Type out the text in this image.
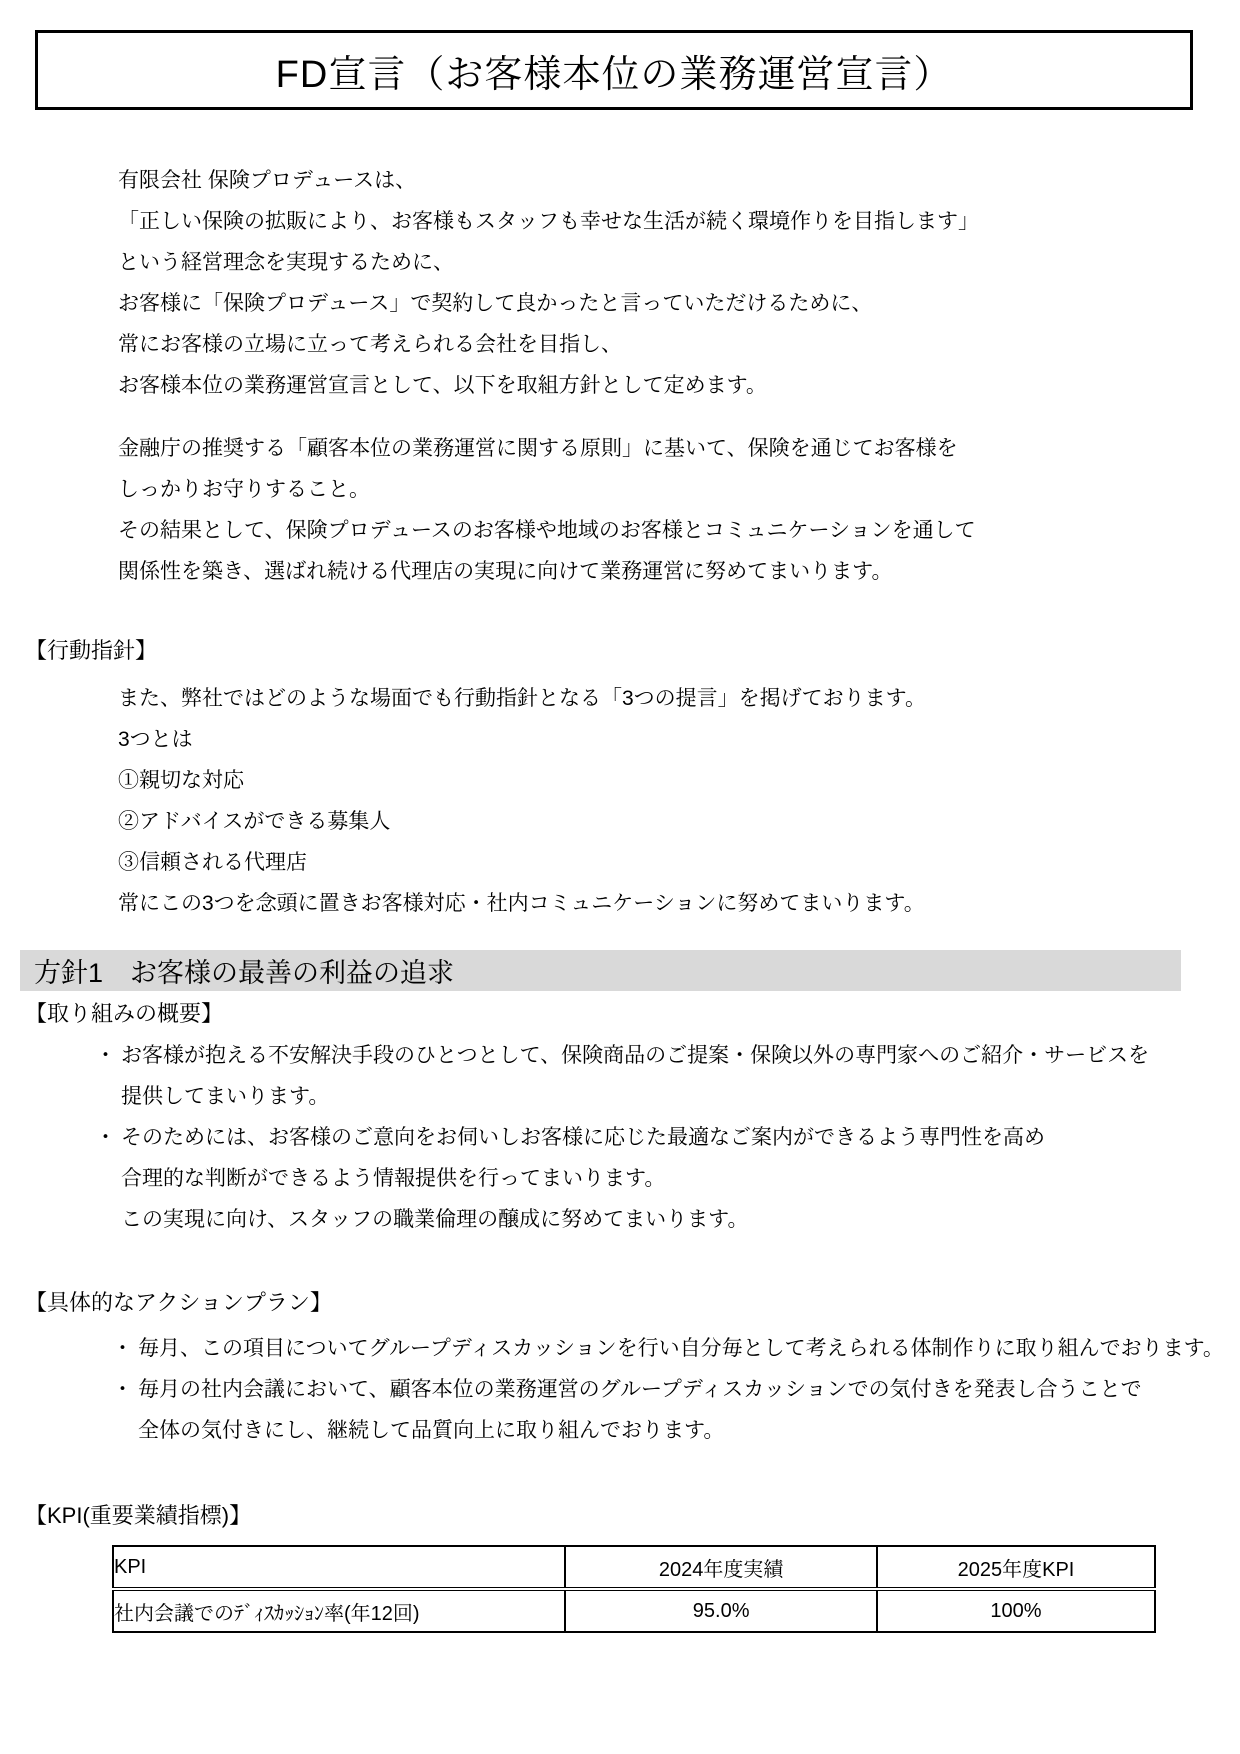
FD宣言（お客様本位の業務運営宣言）
有限会社 保険プロデュースは、
「正しい保険の拡販により、お客様もスタッフも幸せな生活が続く環境作りを目指します」
という経営理念を実現するために、
お客様に「保険プロデュース」で契約して良かったと言っていただけるために、
常にお客様の立場に立って考えられる会社を目指し、
お客様本位の業務運営宣言として、以下を取組方針として定めます。
金融庁の推奨する「顧客本位の業務運営に関する原則」に基いて、保険を通じてお客様を
しっかりお守りすること。
その結果として、保険プロデュースのお客様や地域のお客様とコミュニケーションを通して
関係性を築き、選ばれ続ける代理店の実現に向けて業務運営に努めてまいります。
【行動指針】
また、弊社ではどのような場面でも行動指針となる「3つの提言」を掲げております。
3つとは
①親切な対応
②アドバイスができる募集人
③信頼される代理店
常にこの3つを念頭に置きお客様対応・社内コミュニケーションに努めてまいります。
方針1　お客様の最善の利益の追求
【取り組みの概要】
・ お客様が抱える不安解決手段のひとつとして、保険商品のご提案・保険以外の専門家へのご紹介・サービスを
提供してまいります。
・ そのためには、お客様のご意向をお伺いしお客様に応じた最適なご案内ができるよう専門性を高め
合理的な判断ができるよう情報提供を行ってまいります。
この実現に向け、スタッフの職業倫理の醸成に努めてまいります。
【具体的なアクションプラン】
・ 毎月、この項目についてグループディスカッションを行い自分毎として考えられる体制作りに取り組んでおります。
・ 毎月の社内会議において、顧客本位の業務運営のグループディスカッションでの気付きを発表し合うことで
全体の気付きにし、継続して品質向上に取り組んでおります。
【KPI(重要業績指標)】
KPI	2024年度実績	2025年度KPI
社内会議でのﾃﾞｨｽｶｯｼｮﾝ率(年12回)	95.0%	100%
